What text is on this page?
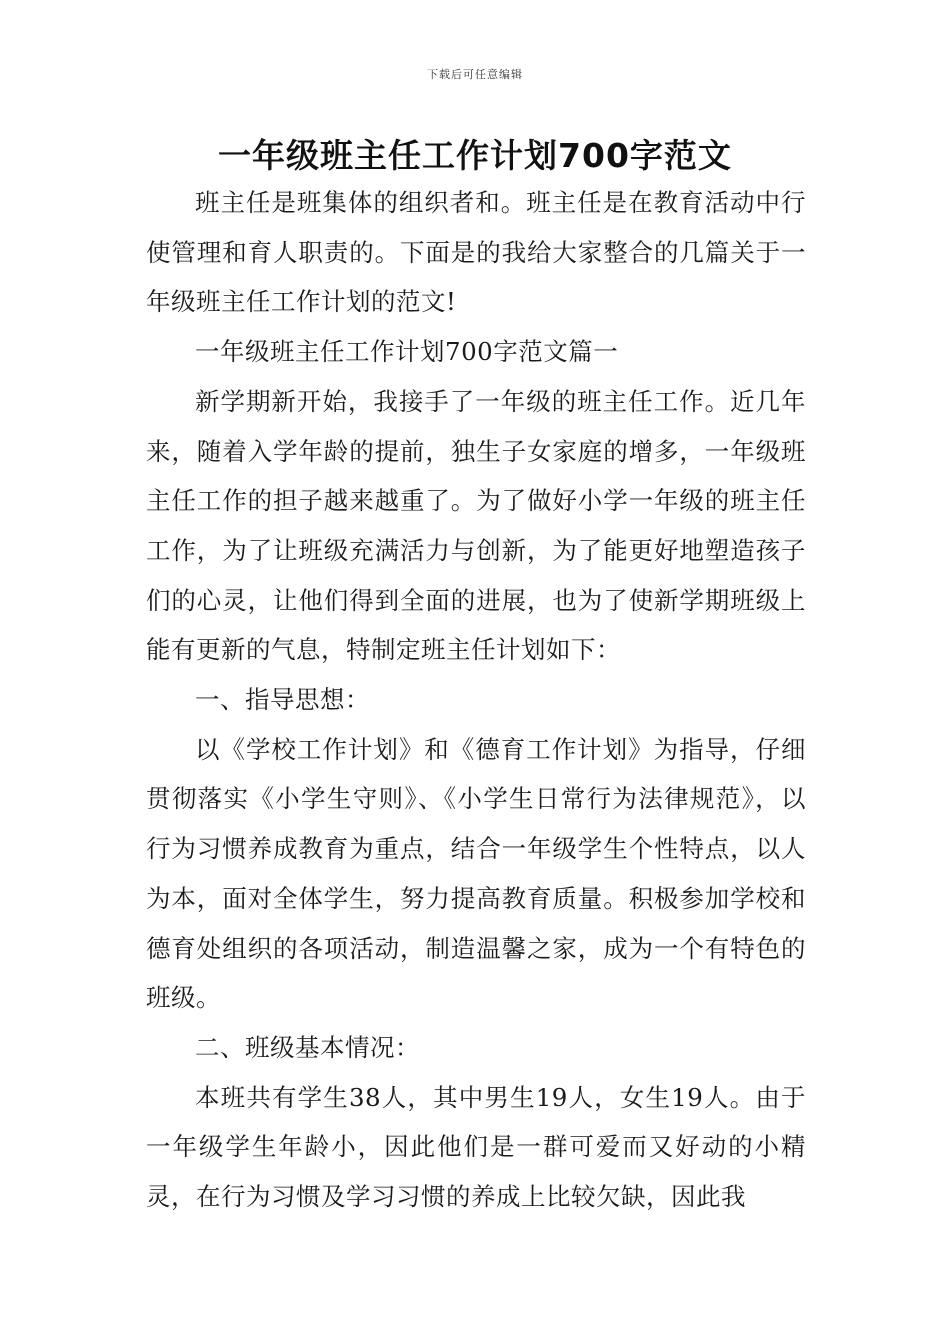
下载后可任意编辑
一年级班主任工作计划700字范文

班主任是班集体的组织者和。班主任是在教育活动中行使管理和育人职责的。下面是的我给大家整合的几篇关于一年级班主任工作计划的范文!

一年级班主任工作计划700字范文篇一

新学期新开始，我接手了一年级的班主任工作。近几年来，随着入学年龄的提前，独生子女家庭的增多，一年级班主任工作的担子越来越重了。为了做好小学一年级的班主任工作，为了让班级充满活力与创新，为了能更好地塑造孩子们的心灵，让他们得到全面的进展，也为了使新学期班级上能有更新的气息，特制定班主任计划如下：

一、指导思想：

以《学校工作计划》和《德育工作计划》为指导，仔细贯彻落实《小学生守则》、《小学生日常行为法律规范》，以行为习惯养成教育为重点，结合一年级学生个性特点，以人为本，面对全体学生，努力提高教育质量。积极参加学校和德育处组织的各项活动，制造温馨之家，成为一个有特色的班级。

二、班级基本情况：

本班共有学生38人，其中男生19人，女生19人。由于一年级学生年龄小，因此他们是一群可爱而又好动的小精灵，在行为习惯及学习习惯的养成上比较欠缺，因此我
